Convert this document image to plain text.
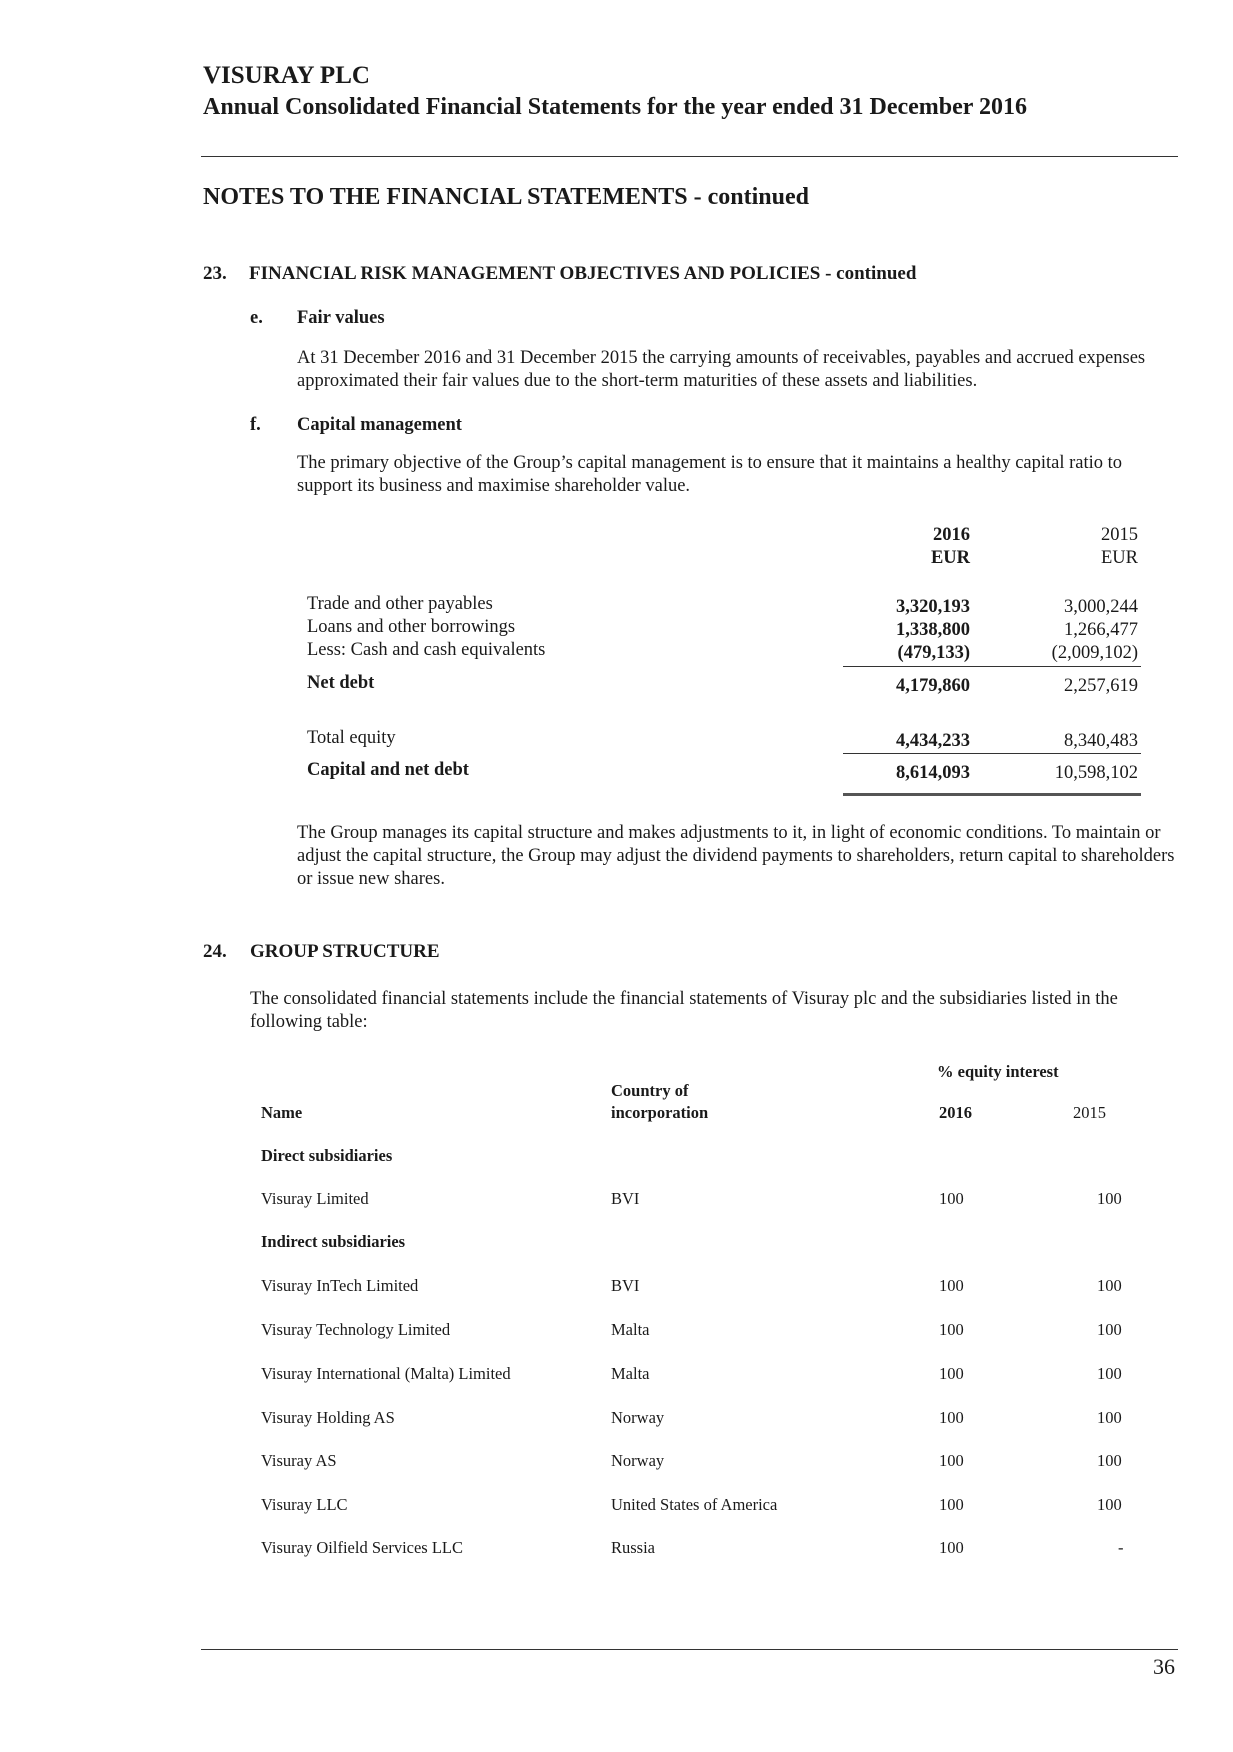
VISURAY PLC
Annual Consolidated Financial Statements for the year ended 31 December 2016
NOTES TO THE FINANCIAL STATEMENTS - continued
23. FINANCIAL RISK MANAGEMENT OBJECTIVES AND POLICIES - continued
e. Fair values
At 31 December 2016 and 31 December 2015 the carrying amounts of receivables, payables and accrued expenses approximated their fair values due to the short-term maturities of these assets and liabilities.
f. Capital management
The primary objective of the Group’s capital management is to ensure that it maintains a healthy capital ratio to support its business and maximise shareholder value.
2016
EUR
2015
EUR
Trade and other payables	3,320,193	3,000,244
Loans and other borrowings	1,338,800	1,266,477
Less: Cash and cash equivalents	(479,133)	(2,009,102)
Net debt	4,179,860	2,257,619
Total equity	4,434,233	8,340,483
Capital and net debt	8,614,093	10,598,102
The Group manages its capital structure and makes adjustments to it, in light of economic conditions. To maintain or adjust the capital structure, the Group may adjust the dividend payments to shareholders, return capital to shareholders or issue new shares.
24. GROUP STRUCTURE
The consolidated financial statements include the financial statements of Visuray plc and the subsidiaries listed in the following table:
% equity interest
Country of
Name	incorporation	2016	2015
Direct subsidiaries
Visuray Limited	BVI	100	100
Indirect subsidiaries
Visuray InTech Limited	BVI	100	100
Visuray Technology Limited	Malta	100	100
Visuray International (Malta) Limited	Malta	100	100
Visuray Holding AS	Norway	100	100
Visuray AS	Norway	100	100
Visuray LLC	United States of America	100	100
Visuray Oilfield Services LLC	Russia	100	-
36
